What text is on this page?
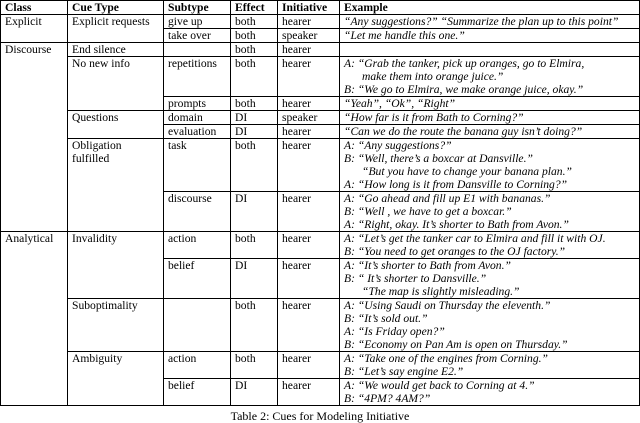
Class	Cue Type	Subtype	Effect	Initiative	Example
Explicit	Explicit requests	give up	both	hearer	“Any suggestions?” “Summarize the plan up to this point”

		take over	both	speaker	“Let me handle this one.”

Discourse	End silence		both	hearer	
	No new info	repetitions	both	hearer	A: “Grab the tanker, pick up oranges, go to Elmira,
make them into orange juice.”
B: “We go to Elmira, we make orange juice, okay.”

		prompts	both	hearer	“Yeah”, “Ok”, “Right”

	Questions	domain	DI	speaker	“How far is it from Bath to Corning?”

		evaluation	DI	hearer	“Can we do the route the banana guy isn’t doing?”

	Obligation fulfilled	task	both	hearer	A: “Any suggestions?”
B: “Well, there’s a boxcar at Dansville.”
“But you have to change your banana plan.”
A: “How long is it from Dansville to Corning?”

		discourse	DI	hearer	A: “Go ahead and fill up E1 with bananas.”
B: “Well , we have to get a boxcar.”
A: “Right, okay. It’s shorter to Bath from Avon.”

Analytical	Invalidity	action	both	hearer	A: “Let’s get the tanker car to Elmira and fill it with OJ.
B: “You need to get oranges to the OJ factory.”

		belief	DI	hearer	A: “It’s shorter to Bath from Avon.”
B: “ It’s shorter to Dansville.”
“The map is slightly misleading.”

	Suboptimality		both	hearer	A: “Using Saudi on Thursday the eleventh.”
B: “It’s sold out.”
A: “Is Friday open?”
B: “Economy on Pan Am is open on Thursday.”

	Ambiguity	action	both	hearer	A: “Take one of the engines from Corning.”
B: “Let’s say engine E2.”

		belief	DI	hearer	A: “We would get back to Corning at 4.”
B: “4PM? 4AM?”
Table 2: Cues for Modeling Initiative
